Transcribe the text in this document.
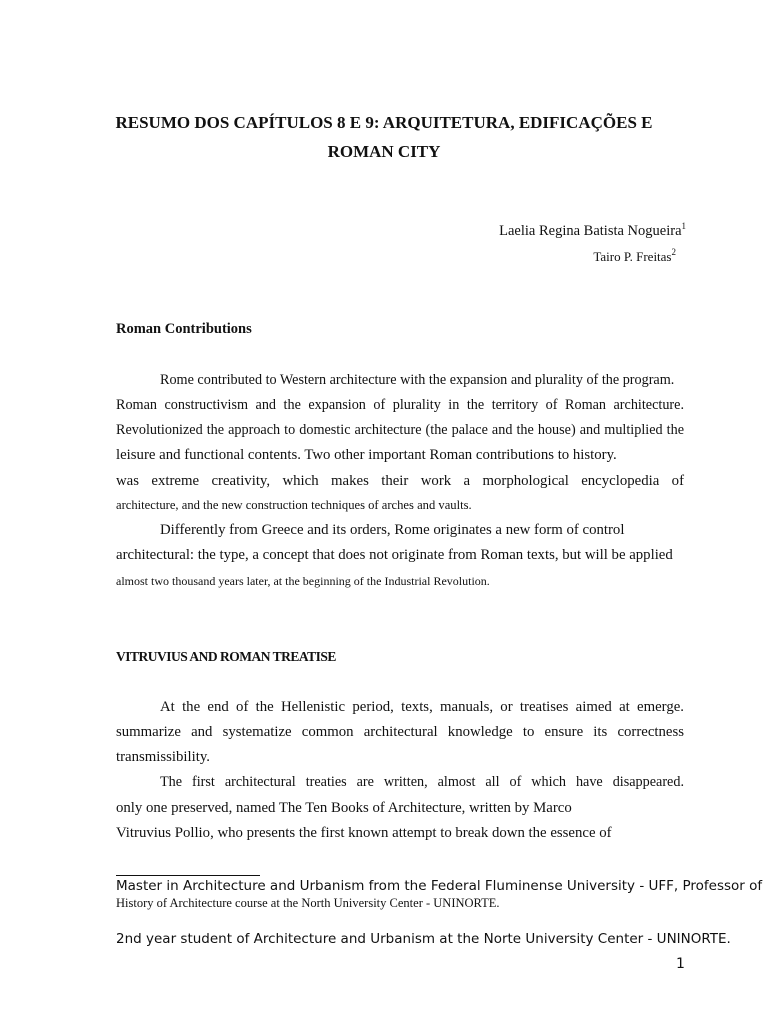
RESUMO DOS CAPÍTULOS 8 E 9: ARQUITETURA, EDIFICAÇÕES E
ROMAN CITY
Laelia Regina Batista Nogueira$^1$
Tairo P. Freitas$^2$
Roman Contributions
Rome contributed to Western architecture with the expansion and plurality of the program.
Roman constructivism and the expansion of plurality in the territory of Roman architecture.
Revolutionized the approach to domestic architecture (the palace and the house) and multiplied the
leisure and functional contents. Two other important Roman contributions to history.
was extreme creativity, which makes their work a morphological encyclopedia of
architecture, and the new construction techniques of arches and vaults.
Differently from Greece and its orders, Rome originates a new form of control
architectural: the type, a concept that does not originate from Roman texts, but will be applied
almost two thousand years later, at the beginning of the Industrial Revolution.
VITRUVIUS AND ROMAN TREATISE
At the end of the Hellenistic period, texts, manuals, or treatises aimed at emerge.
summarize and systematize common architectural knowledge to ensure its correctness
transmissibility.
The first architectural treaties are written, almost all of which have disappeared.
only one preserved, named The Ten Books of Architecture, written by Marco
Vitruvius Pollio, who presents the first known attempt to break down the essence of
Master in Architecture and Urbanism from the Federal Fluminense University - UFF, Professor of
History of Architecture course at the North University Center - UNINORTE.
2nd year student of Architecture and Urbanism at the Norte University Center - UNINORTE.
1
